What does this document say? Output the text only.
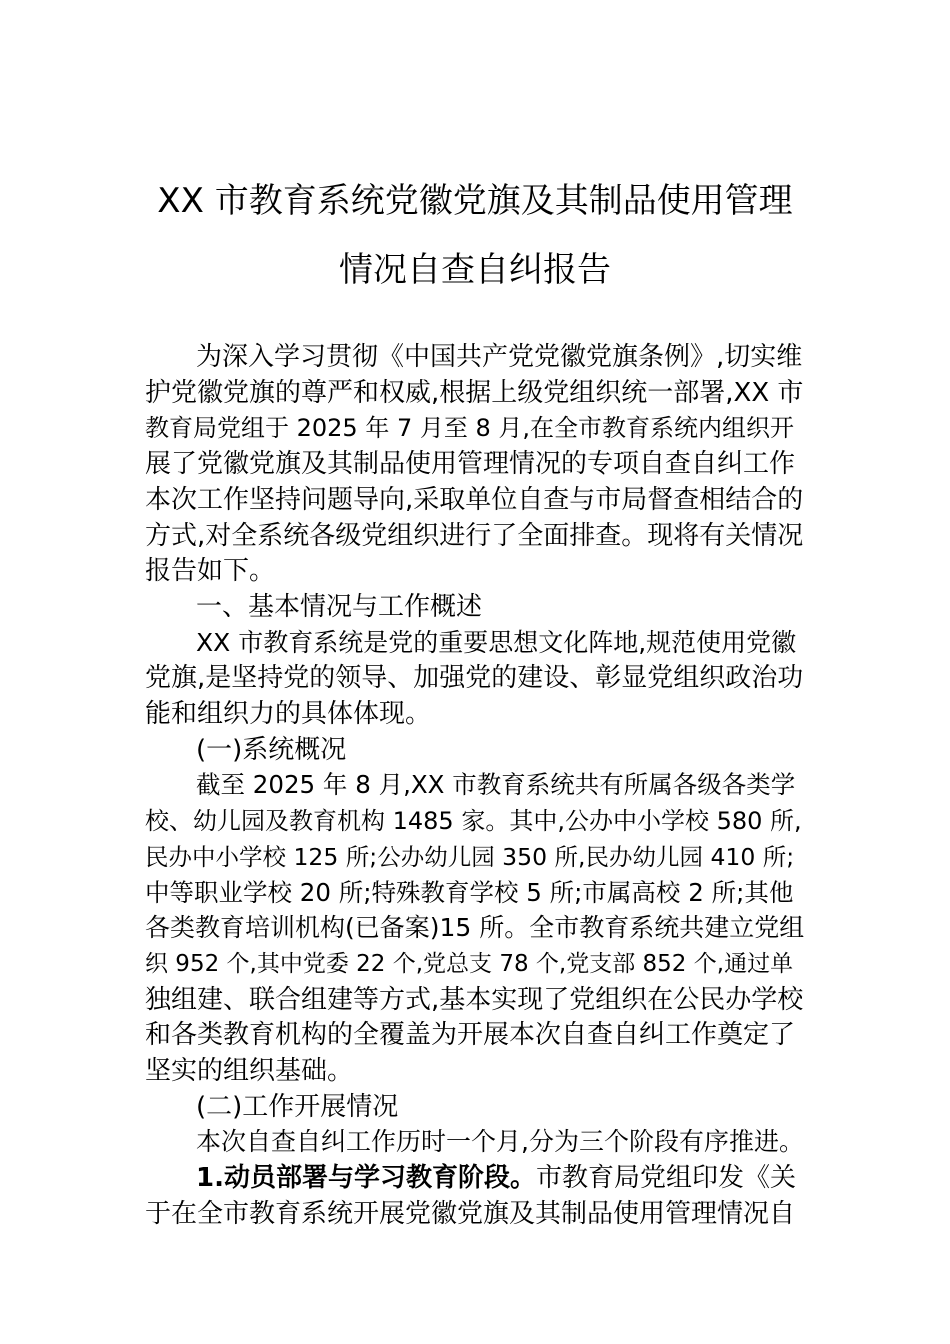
XX 市教育系统党徽党旗及其制品使用管理
情况自查自纠报告
为深入学习贯彻《中国共产党党徽党旗条例》,切实维
护党徽党旗的尊严和权威,根据上级党组织统一部署,XX 市
教育局党组于 2025 年 7 月至 8 月,在全市教育系统内组织开
展了党徽党旗及其制品使用管理情况的专项自查自纠工作
本次工作坚持问题导向,采取单位自查与市局督查相结合的
方式,对全系统各级党组织进行了全面排查。现将有关情况
报告如下。
一、基本情况与工作概述
XX 市教育系统是党的重要思想文化阵地,规范使用党徽
党旗,是坚持党的领导、加强党的建设、彰显党组织政治功
能和组织力的具体体现。
(一)系统概况
截至 2025 年 8 月,XX 市教育系统共有所属各级各类学
校、幼儿园及教育机构 1485 家。其中,公办中小学校 580 所,
民办中小学校 125 所;公办幼儿园 350 所,民办幼儿园 410 所;
中等职业学校 20 所;特殊教育学校 5 所;市属高校 2 所;其他
各类教育培训机构(已备案)15 所。全市教育系统共建立党组
织 952 个,其中党委 22 个,党总支 78 个,党支部 852 个,通过单
独组建、联合组建等方式,基本实现了党组织在公民办学校
和各类教育机构的全覆盖为开展本次自查自纠工作奠定了
坚实的组织基础。
(二)工作开展情况
本次自查自纠工作历时一个月,分为三个阶段有序推进。
1.动员部署与学习教育阶段。市教育局党组印发《关
于在全市教育系统开展党徽党旗及其制品使用管理情况自
